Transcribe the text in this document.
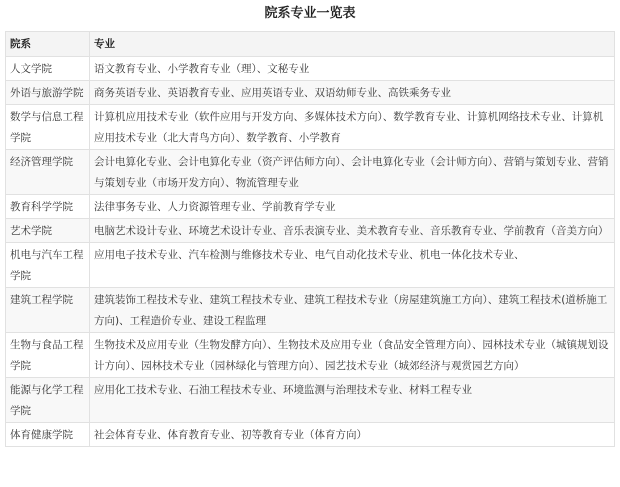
院系专业一览表
院系	专业
人文学院	语文教育专业、小学教育专业（理）、文秘专业
外语与旅游学院	商务英语专业、英语教育专业、应用英语专业、双语幼师专业、高铁乘务专业
数学与信息工程学院	计算机应用技术专业（软件应用与开发方向、多媒体技术方向）、数学教育专业、计算机网络技术专业、计算机应用技术专业（北大青鸟方向）、数学教育、小学教育
经济管理学院	会计电算化专业、会计电算化专业（资产评估师方向）、会计电算化专业（会计师方向）、营销与策划专业、营销与策划专业（市场开发方向）、物流管理专业
教育科学学院	法律事务专业、人力资源管理专业、学前教育学专业
艺术学院	电脑艺术设计专业、环境艺术设计专业、音乐表演专业、美术教育专业、音乐教育专业、学前教育（音美方向）
机电与汽车工程学院	应用电子技术专业、汽车检测与维修技术专业、电气自动化技术专业、机电一体化技术专业、
建筑工程学院	建筑装饰工程技术专业、建筑工程技术专业、建筑工程技术专业（房屋建筑施工方向）、建筑工程技术(道桥施工方向)、工程造价专业、建设工程监理
生物与食品工程学院	生物技术及应用专业（生物发酵方向）、生物技术及应用专业（食品安全管理方向）、园林技术专业（城镇规划设计方向）、园林技术专业（园林绿化与管理方向）、园艺技术专业（城郊经济与观赏园艺方向）
能源与化学工程学院	应用化工技术专业、石油工程技术专业、环境监测与治理技术专业、材料工程专业
体育健康学院	社会体育专业、体育教育专业、初等教育专业（体育方向）
